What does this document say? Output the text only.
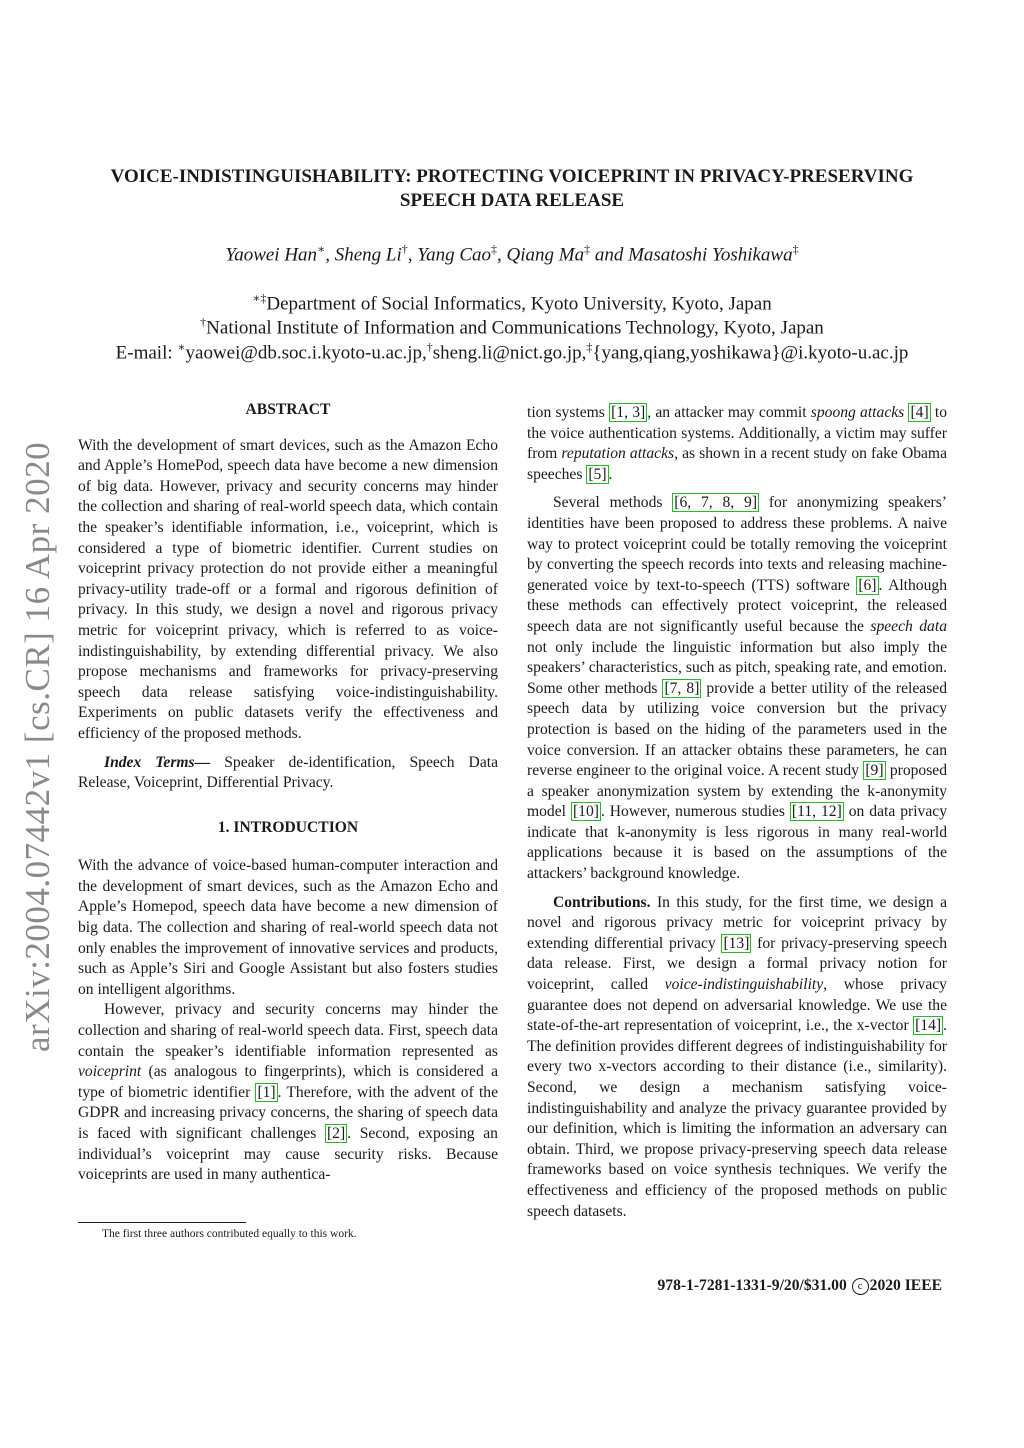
arXiv:2004.07442v1 [cs.CR] 16 Apr 2020
VOICE-INDISTINGUISHABILITY: PROTECTING VOICEPRINT IN PRIVACY-PRESERVING
SPEECH DATA RELEASE
Yaowei Han∗, Sheng Li†, Yang Cao‡, Qiang Ma‡ and Masatoshi Yoshikawa‡
∗‡Department of Social Informatics, Kyoto University, Kyoto, Japan
†National Institute of Information and Communications Technology, Kyoto, Japan
E-mail: ∗yaowei@db.soc.i.kyoto-u.ac.jp,†sheng.li@nict.go.jp,‡{yang,qiang,yoshikawa}@i.kyoto-u.ac.jp

ABSTRACT

With the development of smart devices, such as the Amazon Echo and Apple’s HomePod, speech data have become a new dimension of big data. However, privacy and security concerns may hinder the collection and sharing of real-world speech data, which contain the speaker’s identifiable information, i.e., voiceprint, which is considered a type of biometric identifier. Current studies on voiceprint privacy protection do not provide either a meaningful privacy-utility trade-off or a formal and rigorous definition of privacy. In this study, we design a novel and rigorous privacy metric for voiceprint privacy, which is referred to as voice-indistinguishability, by extending differential privacy. We also propose mechanisms and frameworks for privacy-preserving speech data release satisfying voice-indistinguishability. Experiments on public datasets verify the effectiveness and efficiency of the proposed methods.

Index Terms— Speaker de-identification, Speech Data Release, Voiceprint, Differential Privacy.

1. INTRODUCTION

With the advance of voice-based human-computer interaction and the development of smart devices, such as the Amazon Echo and Apple’s Homepod, speech data have become a new dimension of big data. The collection and sharing of real-world speech data not only enables the improvement of innovative services and products, such as Apple’s Siri and Google Assistant but also fosters studies on intelligent algorithms.

However, privacy and security concerns may hinder the collection and sharing of real-world speech data. First, speech data contain the speaker’s identifiable information represented as voiceprint (as analogous to fingerprints), which is considered a type of biometric identifier [1] . Therefore, with the advent of the GDPR and increasing privacy concerns, the sharing of speech data is faced with significant challenges [2] . Second, exposing an individual’s voiceprint may cause security risks. Because voiceprints are used in many authentica-

tion systems [1, 3] , an attacker may commit spoong attacks [4] to the voice authentication systems. Additionally, a victim may suffer from reputation attacks, as shown in a recent study on fake Obama speeches [5] .

Several methods [6, 7, 8, 9] for anonymizing speakers’ identities have been proposed to address these problems. A naive way to protect voiceprint could be totally removing the voiceprint by converting the speech records into texts and releasing machine-generated voice by text-to-speech (TTS) software [6] . Although these methods can effectively protect voiceprint, the released speech data are not significantly useful because the speech data not only include the linguistic information but also imply the speakers’ characteristics, such as pitch, speaking rate, and emotion. Some other methods [7, 8] provide a better utility of the released speech data by utilizing voice conversion but the privacy protection is based on the hiding of the parameters used in the voice conversion. If an attacker obtains these parameters, he can reverse engineer to the original voice. A recent study [9] proposed a speaker anonymization system by extending the k-anonymity model [10] . However, numerous studies [11, 12] on data privacy indicate that k-anonymity is less rigorous in many real-world applications because it is based on the assumptions of the attackers’ background knowledge.

Contributions. In this study, for the first time, we design a novel and rigorous privacy metric for voiceprint privacy by extending differential privacy [13] for privacy-preserving speech data release. First, we design a formal privacy notion for voiceprint, called voice-indistinguishability, whose privacy guarantee does not depend on adversarial knowledge. We use the state-of-the-art representation of voiceprint, i.e., the x-vector [14] . The definition provides different degrees of indistinguishability for every two x-vectors according to their distance (i.e., similarity). Second, we design a mechanism satisfying voice-indistinguishability and analyze the privacy guarantee provided by our definition, which is limiting the information an adversary can obtain. Third, we propose privacy-preserving speech data release frameworks based on voice synthesis techniques. We verify the effectiveness and efficiency of the proposed methods on public speech datasets.

The first three authors contributed equally to this work.
978-1-7281-1331-9/20/$31.00 c 2020 IEEE
